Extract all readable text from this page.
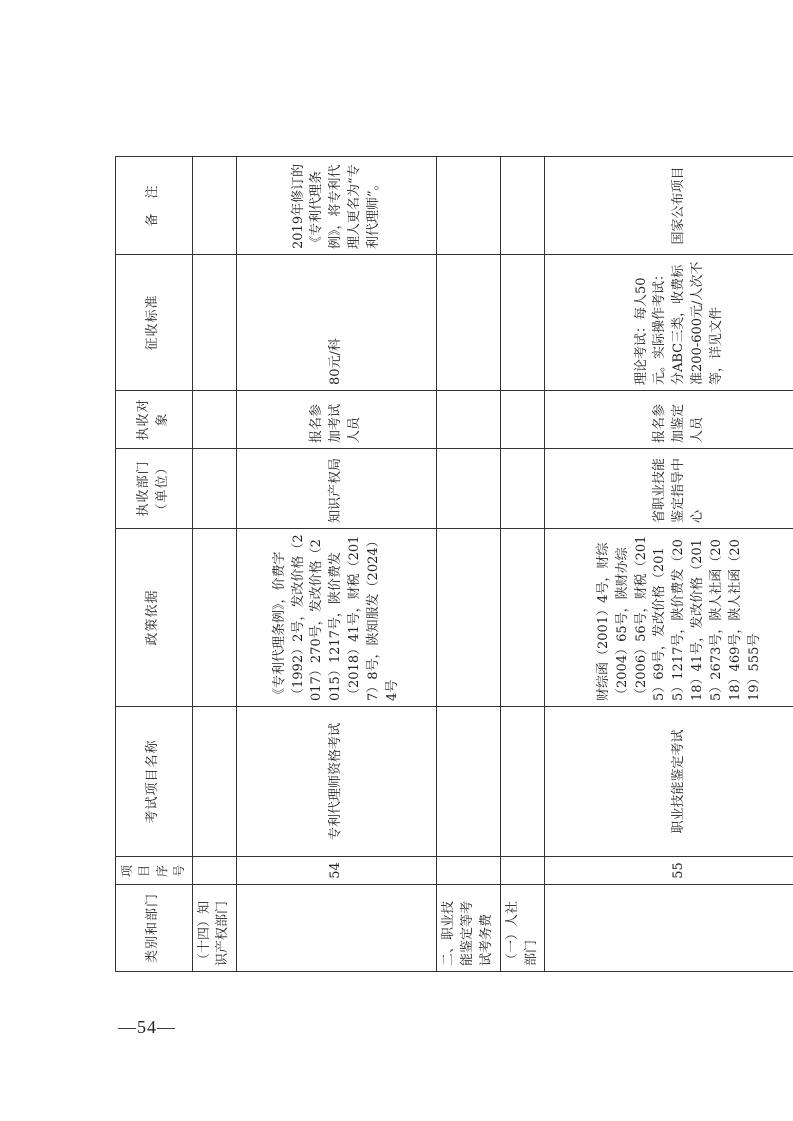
类别和部门	项目序号	考试项目名称	政策依据	执收部门（单位）	执收对象	征收标准	备　注
（十四）知识产权部门							
	54	专利代理师资格考试	《专利代理条例》，价费字（1992）2号，发改价格（2017）270号，发改价格（2015）1217号，陕价费发（2018）41号，财税（2017）8号，陕知服发（2024）4号	知识产权局	报名参加考试人员	80元/科	2019年修订的《专利代理条例》，将专利代理人更名为“专利代理师”。
二、职业技能鉴定等考试考务费							
（一）人社部门							
	55	职业技能鉴定考试	财综函（2001）4号，财综（2004）65号，陕财办综（2006）56号，财税（2015）69号，发改价格（2015）1217号，陕价费发（2018）41号，发改价格（2015）2673号，陕人社函（2018）469号，陕人社函（2019）555号	省职业技能鉴定指导中心	报名参加鉴定人员	理论考试：每人50元。实际操作考试：分ABC三类，收费标准200-600元/人次不等，详见文件	国家公布项目
—54—
